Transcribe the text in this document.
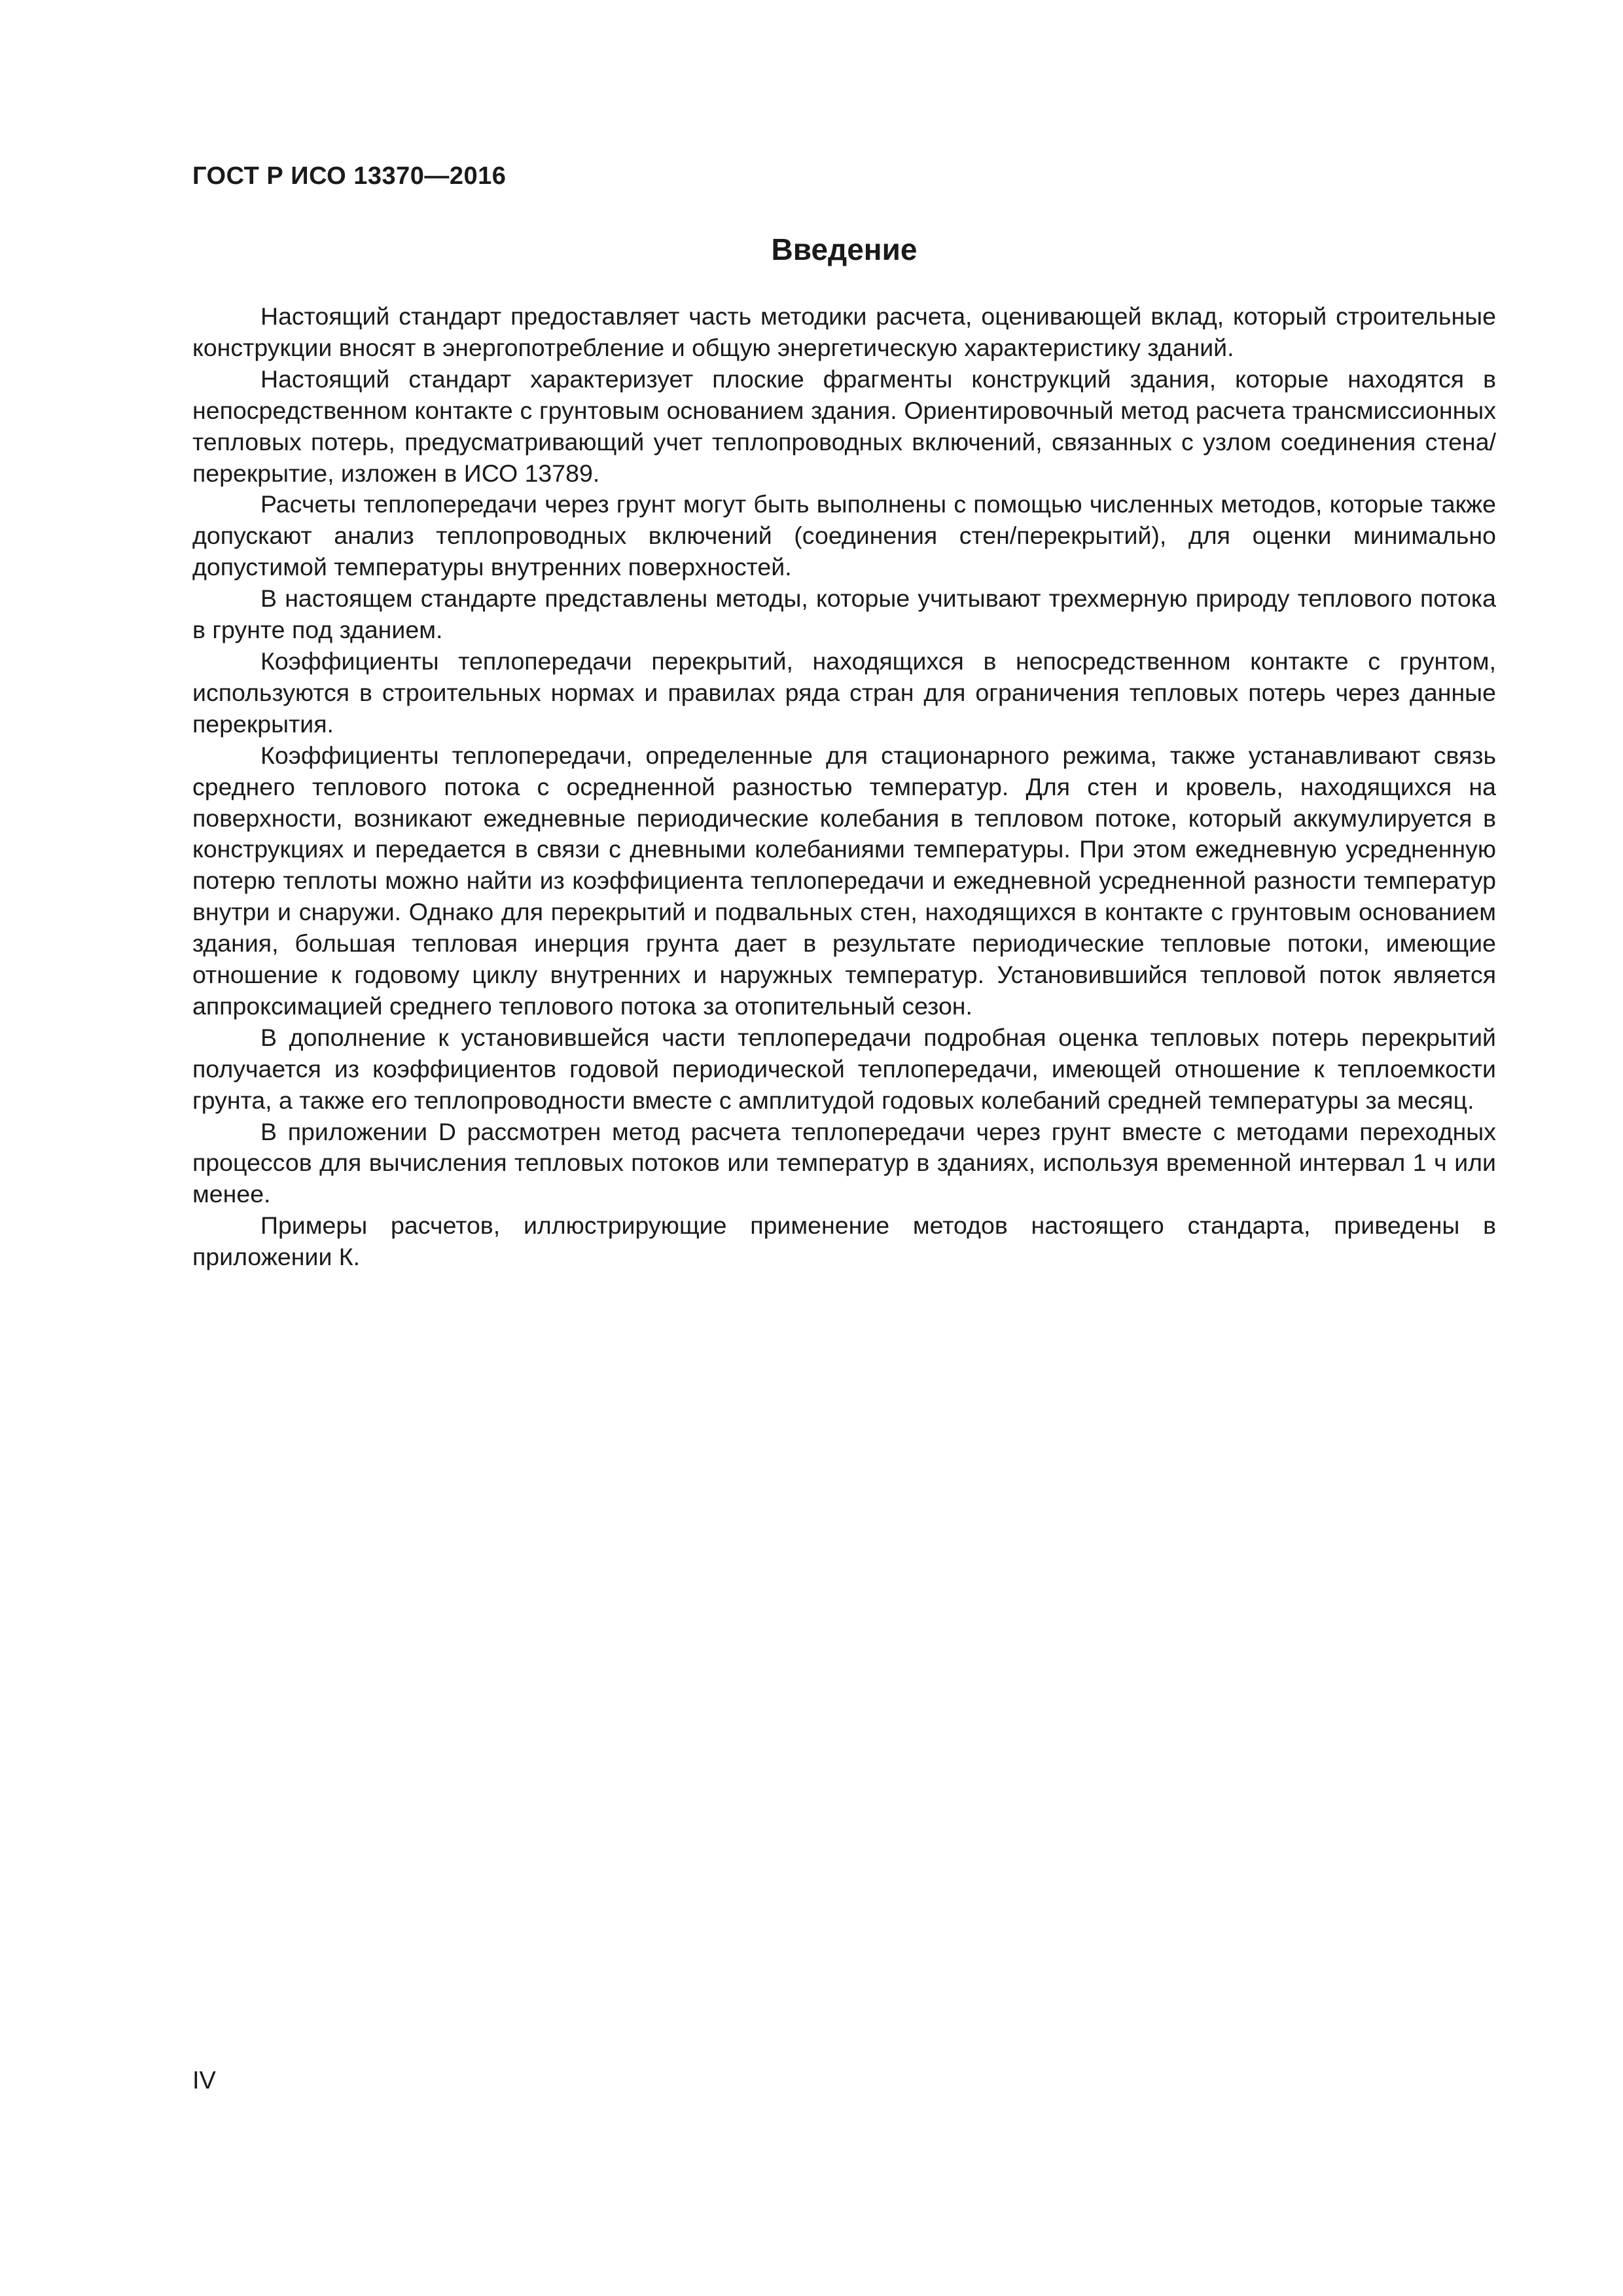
ГОСТ Р ИСО 13370—2016
Введение

Настоящий стандарт предоставляет часть методики расчета, оценивающей вклад, который строительные конструкции вносят в энергопотребление и общую энергетическую характеристику зданий.

Настоящий стандарт характеризует плоские фрагменты конструкций здания, которые находятся в непосредственном контакте с грунтовым основанием здания. Ориентировочный метод расчета трансмиссионных тепловых потерь, предусматривающий учет теплопроводных включений, связанных с узлом соединения стена/перекрытие, изложен в ИСО 13789.

Расчеты теплопередачи через грунт могут быть выполнены с помощью численных методов, которые также допускают анализ теплопроводных включений (соединения стен/перекрытий), для оценки минимально допустимой температуры внутренних поверхностей.

В настоящем стандарте представлены методы, которые учитывают трехмерную природу теплового потока в грунте под зданием.

Коэффициенты теплопередачи перекрытий, находящихся в непосредственном контакте с грунтом, используются в строительных нормах и правилах ряда стран для ограничения тепловых потерь через данные перекрытия.

Коэффициенты теплопередачи, определенные для стационарного режима, также устанавливают связь среднего теплового потока с осредненной разностью температур. Для стен и кровель, находящихся на поверхности, возникают ежедневные периодические колебания в тепловом потоке, который аккумулируется в конструкциях и передается в связи с дневными колебаниями температуры. При этом ежедневную усредненную потерю теплоты можно найти из коэффициента теплопередачи и ежедневной усредненной разности температур внутри и снаружи. Однако для перекрытий и подвальных стен, находящихся в контакте с грунтовым основанием здания, большая тепловая инерция грунта дает в результате периодические тепловые потоки, имеющие отношение к годовому циклу внутренних и наружных температур. Установившийся тепловой поток является аппроксимацией среднего теплового потока за отопительный сезон.

В дополнение к установившейся части теплопередачи подробная оценка тепловых потерь перекрытий получается из коэффициентов годовой периодической теплопередачи, имеющей отношение к теплоемкости грунта, а также его теплопроводности вместе с амплитудой годовых колебаний средней температуры за месяц.

В приложении D рассмотрен метод расчета теплопередачи через грунт вместе с методами переходных процессов для вычисления тепловых потоков или температур в зданиях, используя временной интервал 1 ч или менее.

Примеры расчетов, иллюстрирующие применение методов настоящего стандарта, приведены в приложении К.

IV
